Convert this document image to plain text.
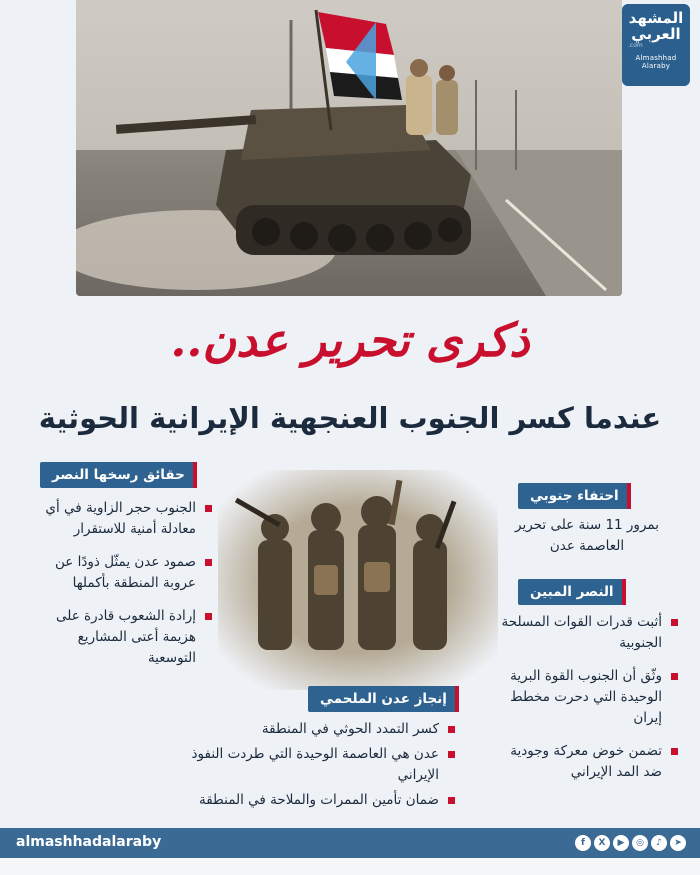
المشهد
العربي
.com
Almashhad Alaraby
ذكرى تحرير عدن..
عندما كسر الجنوب العنجهية الإيرانية الحوثية
حقائق رسخها النصر
الجنوب حجر الزاوية في أي معادلة أمنية للاستقرار
صمود عدن يمثّل ذودًا عن عروبة المنطقة بأكملها
إرادة الشعوب قادرة على هزيمة أعتى المشاريع التوسعية
احتفاء جنوبي
بمرور 11 سنة على تحرير العاصمة عدن
النصر المبين
أثبت قدرات القوات المسلحة الجنوبية
وثّق أن الجنوب القوة البرية الوحيدة التي دحرت مخطط إيران
تضمن خوض معركة وجودية ضد المد الإيراني
إنجاز عدن الملحمي
كسر التمدد الحوثي في المنطقة
عدن هي العاصمة الوحيدة التي طردت النفوذ الإيراني
ضمان تأمين الممرات والملاحة في المنطقة
almashhadalaraby	f	X	▶	◎	♪	➤
